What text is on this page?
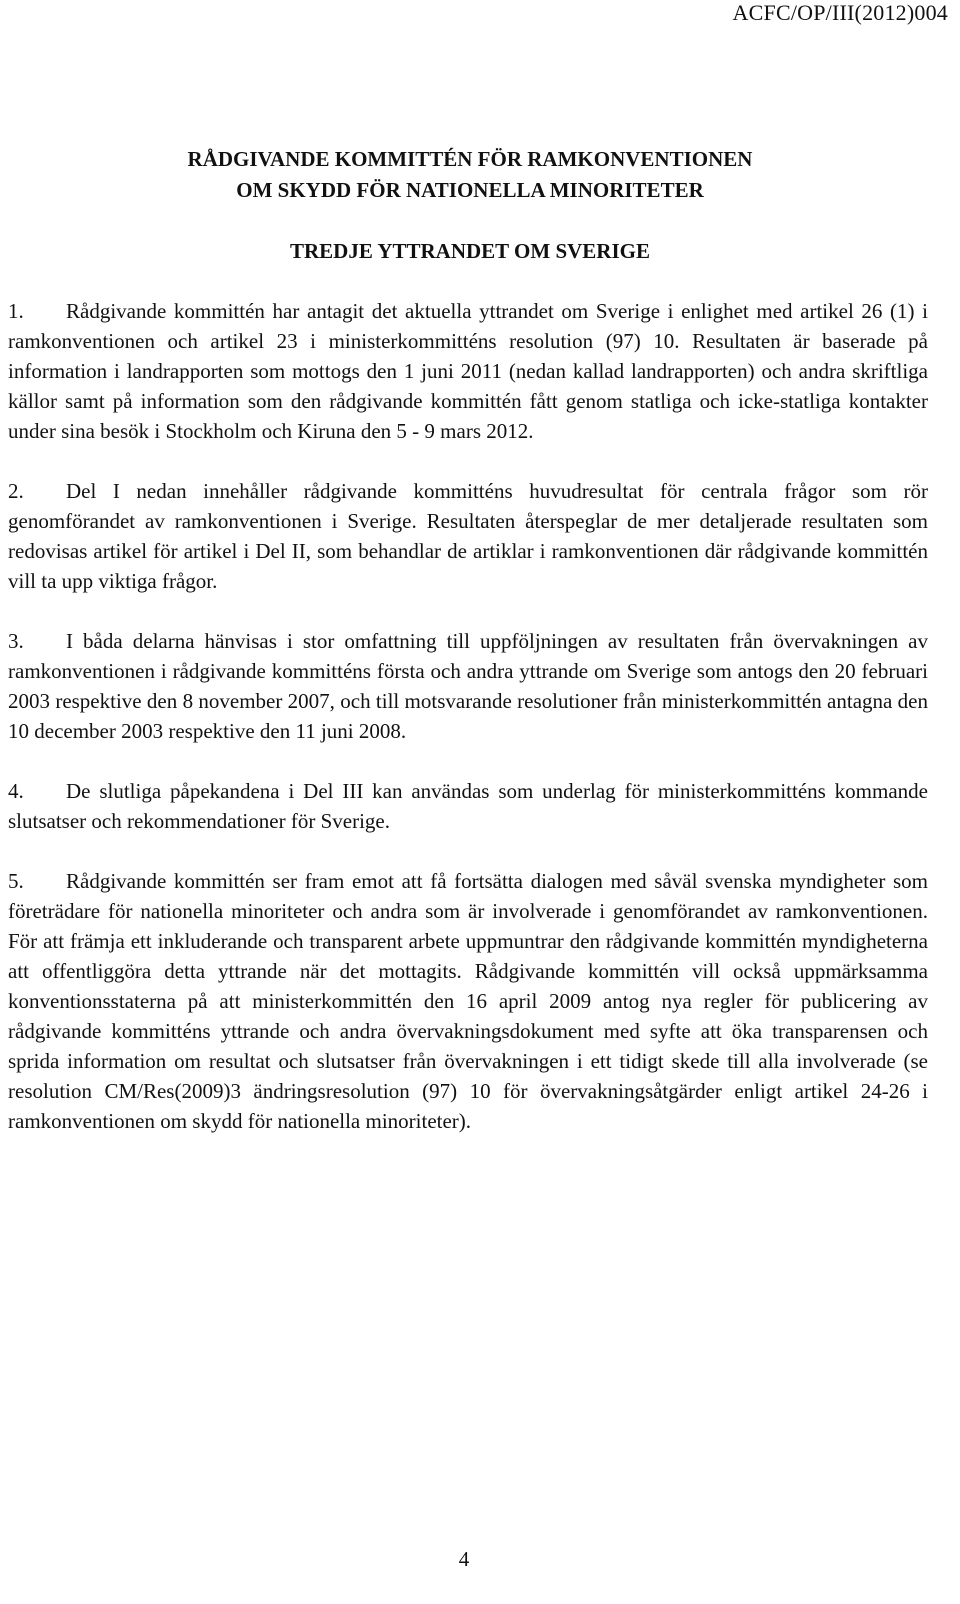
ACFC/OP/III(2012)004
RÅDGIVANDE KOMMITTÉN FÖR RAMKONVENTIONEN
OM SKYDD FÖR NATIONELLA MINORITETER
TREDJE YTTRANDET OM SVERIGE

1. Rådgivande kommittén har antagit det aktuella yttrandet om Sverige i enlighet med artikel 26 (1) i ramkonventionen och artikel 23 i ministerkommitténs resolution (97) 10. Resultaten är baserade på information i landrapporten som mottogs den 1 juni 2011 (nedan kallad landrapporten) och andra skriftliga källor samt på information som den rådgivande kommittén fått genom statliga och icke-statliga kontakter under sina besök i Stockholm och Kiruna den 5 - 9 mars 2012.

2. Del I nedan innehåller rådgivande kommitténs huvudresultat för centrala frågor som rör genomförandet av ramkonventionen i Sverige. Resultaten återspeglar de mer detaljerade resultaten som redovisas artikel för artikel i Del II, som behandlar de artiklar i ramkonventionen där rådgivande kommittén vill ta upp viktiga frågor.

3. I båda delarna hänvisas i stor omfattning till uppföljningen av resultaten från övervakningen av ramkonventionen i rådgivande kommitténs första och andra yttrande om Sverige som antogs den 20 februari 2003 respektive den 8 november 2007, och till motsvarande resolutioner från ministerkommittén antagna den 10 december 2003 respektive den 11 juni 2008.

4. De slutliga påpekandena i Del III kan användas som underlag för ministerkommitténs kommande slutsatser och rekommendationer för Sverige.

5. Rådgivande kommittén ser fram emot att få fortsätta dialogen med såväl svenska myndigheter som företrädare för nationella minoriteter och andra som är involverade i genomförandet av ramkonventionen. För att främja ett inkluderande och transparent arbete uppmuntrar den rådgivande kommittén myndigheterna att offentliggöra detta yttrande när det mottagits. Rådgivande kommittén vill också uppmärksamma konventionsstaterna på att ministerkommittén den 16 april 2009 antog nya regler för publicering av rådgivande kommitténs yttrande och andra övervakningsdokument med syfte att öka transparensen och sprida information om resultat och slutsatser från övervakningen i ett tidigt skede till alla involverade (se resolution CM/Res(2009)3 ändringsresolution (97) 10 för övervakningsåtgärder enligt artikel 24-26 i ramkonventionen om skydd för nationella minoriteter).

4
